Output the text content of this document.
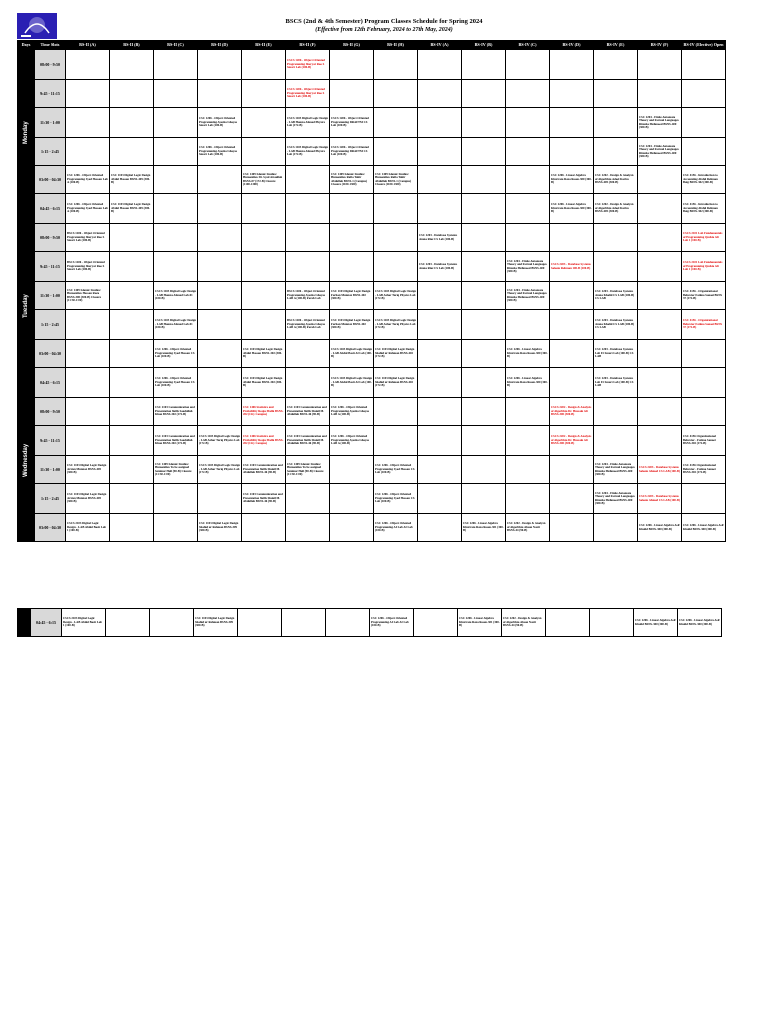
BSCS (2nd & 4th Semester) Program Classes Schedule for Spring 2024
(Effective from 12th February, 2024 to 27th May, 2024)
Days	Time Slots	BS-II (A)	BS-II (B)	BS-II (C)	BS-II (D)	BS-II (E)	BS-II (F)	BS-II (G)	BS-II (H)	BS-IV (A)	BS-IV (B)	BS-IV (C)	BS-IV (D)	BS-IV (E)	BS-IV (F)	BS-IV (Elective) Open

Monday	08:00 - 9:50						CSCS 1206 - Object Oriented Programming Sheryar Rao S Smart Lab (100-B)									
	9:45 - 11:15						CSCS 1206 - Object Oriented Programming Sheryar Rao S Smart Lab (100-B)									
	11:30 - 1:00				CSC 1206 - Object Oriented Programming Ayesha Ghayas Smart Lab (100-B)		CSCS 1103 Digital Logic Design - LAB Hamza Ahmed Physics Lab (172-B)	CSCS 1206 - Object Oriented Programming DRAFTM CS Lab (100-B)							CSC 2204 - Finite Automata Theory and Formal Languages Rimsha Mehmood BSNS-400 (300-B)	
	1:15 - 2:45				CSC 1206 - Object Oriented Programming Ayesha Ghayas Smart Lab (100-B)		CSCS 1103 Digital Logic Design - LAB Hamza Ahmed Physics Lab (172-B)	CSCS 1206 - Object Oriented Programming DRAFTM CS Lab (100-B)							CSC 2204 - Finite Automata Theory and Formal Languages Rimsha Mehmood BSNS-400 (300-B)	
	03:00 - 04:30	CSC 1206 - Object Oriented Programming Syed Hassan Lab A (100-B)	CSC 1103 Digital Logic Design Abdul Hassan BSNS-405 (300-B)			CSC 1409 Islamic Studies/ Humanities Dr. Syed Attaullah BSNS-07 (172-B) Closure (1100-1300)		CSC 1409 Islamic Studies/ Humanities Rafia Tahir Abdullah BSNS-1 (Campus) Closure (1100-1300)	CSC 1409 Islamic Studies/ Humanities Rafia Tahir Abdullah BSNS-1 (Campus) Closure (1100-1300)				CSC 2206 - Linear Algebra Khurram Raza Room-300 (300-B)	CSC 2202 - Design & Analysis of Algorithm Adeel Karim BSNS-405 (300-B)		CSC 4156 - Introduction to Accounting Abdul Rehman Baig BSNS-302 (300-B)
	04:45 - 6:15	CSC 1206 - Object Oriented Programming Syed Hassan Lab A (100-B)	CSC 1103 Digital Logic Design Abdul Hassan BSNS-405 (300-B)										CSC 2206 - Linear Algebra Khurram Raza Room-300 (300-B)	CSC 2202 - Design & Analysis of Algorithm Adeel Karim BSNS-405 (300-B)		CSC 4156 - Introduction to Accounting Abdul Rehman Baig BSNS-302 (300-B)

Tuesday	08:00 - 9:50	BSCS 1206 - Object Oriented Programming Sheryar Rao S Smart Lab (100-B)								CSC 2203 - Database Systems Amna Riaz CS Lab (100-B)						CSCS 2101 Lab Fundamentals of Programming Qudsia Ali Lab 1 (100-B)
	9:45 - 11:15	BSCS 1206 - Object Oriented Programming Sheryar Rao S Smart Lab (100-B)								CSC 2203 - Database Systems Amna Riaz CS Lab (100-B)		CSC 2204 - Finite Automata Theory and Formal Languages Rimsha Mehmood BSNS-400 (300-B)	CSCS 2203 - Database Systems Saleem Rehman 100-B (100-B)			CSCS 2101 Lab Fundamentals of Programming Qudsia Ali Lab 1 (100-B)
	11:30 - 1:00	CSC 1409 Islamic Studies/ Humanities Hassan Raza BSNS-300 (300-B) Closure (11:30-1:00)		CSCS 1103 Digital Logic Design - LAB Hamza Ahmed Lab-01 (100-B)			BSCS 1206 - Object Oriented Programming Ayesha Ghayas LAB A (100-B) Farah Lab	CSC 1103 Digital Logic Design Farhan Mumtaz BSNS-402 (300-B)	CSCS 1103 Digital Logic Design - LAB Azhar Tariq Physics Lab (172-B)			CSC 2204 - Finite Automata Theory and Formal Languages Rimsha Mehmood BSNS-400 (300-B)		CSC 2203 - Database Systems Amna Khalid CS LAB (100-B) CS LAB		CSC 4156 - Organizational Behavior Fatima Sanaei BSNS 37 (172-B)
	1:15 - 2:45			CSCS 1103 Digital Logic Design - LAB Hamza Ahmed Lab-01 (100-B)			BSCS 1206 - Object Oriented Programming Ayesha Ghayas LAB A (100-B) Farah Lab	CSC 1103 Digital Logic Design Farhan Mumtaz BSNS-402 (300-B)	CSCS 1103 Digital Logic Design - LAB Azhar Tariq Physics Lab (172-B)					CSC 2203 - Database Systems Amna Khalid CS LAB (100-B) CS LAB		CSC 4156 - Organizational Behavior Fatima Sanaei BSNS 37 (172-B)
	03:00 - 04:30			CSC 1206 - Object Oriented Programming Syed Hassan CS Lab (100-B)		CSC 1103 Digital Logic Design Abdul Hassan BSNS-302 (300-B)		CSCS 1103 Digital Logic Design - LAB Abdul Basit AI Lab (100-B)	CSC 1103 Digital Logic Design Shahid ur Rehman BSNS-402 (172-B)			CSC 2206 - Linear Algebra Khurram Raza Room-300 (300-B)		CSC 2203 - Database Systems Lab 01 Smart Lab (100-B) CS LAB		
	04:45 - 6:15			CSC 1206 - Object Oriented Programming Syed Hassan CS Lab (100-B)		CSC 1103 Digital Logic Design Abdul Hassan BSNS-302 (300-B)		CSCS 1103 Digital Logic Design - LAB Abdul Basit AI Lab (100-B)	CSC 1103 Digital Logic Design Shahid ur Rehman BSNS-402 (172-B)			CSC 2206 - Linear Algebra Khurram Raza Room-300 (300-B)		CSC 2203 - Database Systems Lab 01 Smart Lab (100-B) CS LAB		

Wednesday	08:00 - 9:50			CSC 2103 Communication and Presentation Skills Saadullah Khan BSNS-302 (172-B)		CSC 1406 Statistics and Probability Roqia Malik BSNS-202 (City Campus)	CSC 2103 Communication and Presentation Skills Shakil M. Abdullah BSNS-46 (90-B)	CSC 1206 - Object Oriented Programming Ayesha Ghayas LAB A (100-B)					CSCS 2202 - Design & Analysis of Algorithm Dr. Hussain Ali BSNS-300 (300-B)			
	9:45 - 11:15			CSC 2103 Communication and Presentation Skills Saadullah Khan BSNS-302 (172-B)	CSCS 1103 Digital Logic Design - LAB Azhar Tariq Physics Lab (172-B)	CSC 1406 Statistics and Probability Roqia Malik BSNS-202 (City Campus)	CSC 2103 Communication and Presentation Skills Shakil M. Abdullah BSNS-46 (90-B)	CSC 1206 - Object Oriented Programming Ayesha Ghayas LAB A (100-B)					CSCS 2202 - Design & Analysis of Algorithm Dr. Hussain Ali BSNS-300 (300-B)			CSC 4156 Organizational Behavior - Fatima Sanaei BSNS-302 (172-B)
	11:30 - 1:00	CSC 1103 Digital Logic Design Arslan Mumtaz BSNS-405 (300-B)		CSC 1409 Islamic Studies/ Humanities To be assigned Seminar Hall (90-B) Closure (11:30-1:00)	CSCS 1103 Digital Logic Design - LAB Azhar Tariq Physics Lab (172-B)	CSC 2103 Communication and Presentation Skills Shakil M. Abdullah BSNS-46 (90-B)	CSC 1409 Islamic Studies/ Humanities To be assigned Seminar Hall (90-B) Closure (11:30-1:00)		CSC 1206 - Object Oriented Programming Syed Hassan CS Lab (100-B)					CSC 2204 - Finite Automata Theory and Formal Languages Rimsha Mehmood BSNS-400 (300-B)	CSCS 2203 - Database Systems Saleem Ahmed CS LAB (100-B)	CSC 4156 Organizational Behavior - Fatima Sanaei BSNS-302 (172-B)
	1:15 - 2:45	CSC 1103 Digital Logic Design Arslan Mumtaz BSNS-405 (300-B)				CSC 2103 Communication and Presentation Skills Shakil M. Abdullah BSNS-46 (90-B)			CSC 1206 - Object Oriented Programming Syed Hassan CS Lab (100-B)					CSC 2204 - Finite Automata Theory and Formal Languages Rimsha Mehmood BSNS-400 (300-B)	CSCS 2203 - Database Systems Saleem Ahmed CS LAB (100-B)	
	03:00 - 04:30	CSCS 2103 Digital Logic Design - LAB Abdul Basit Lab 1 (100-B)			CSC 1103 Digital Logic Design Shahid ur Rehman BSNS-309 (300-B)				CSC 1206 - Object Oriented Programming AI Lab AI Lab (100-B)		CSC 2206 - Linear Algebra Khurram Raza Room-301 (300-B)	CSC 2202 - Design & Analysis of Algorithm Ahsan Nazir BSNS-44 (90-B)			CSC 2206 - Linear Algebra Asif Khalid BSNS-300 (300-B)	CSC 2206 - Linear Algebra Asif Khalid BSNS-300 (300-B)
	04:45 - 6:15	CSCS 2103 Digital Logic Design - LAB Abdul Basit Lab 1 (100-B)			CSC 1103 Digital Logic Design Shahid ur Rehman BSNS-309 (300-B)				CSC 1206 - Object Oriented Programming AI Lab AI Lab (100-B)		CSC 2206 - Linear Algebra Khurram Raza Room-301 (300-B)	CSC 2202 - Design & Analysis of Algorithm Ahsan Nazir BSNS-44 (90-B)			CSC 2206 - Linear Algebra Asif Khalid BSNS-300 (300-B)	CSC 2206 - Linear Algebra Asif Khalid BSNS-300 (300-B)
